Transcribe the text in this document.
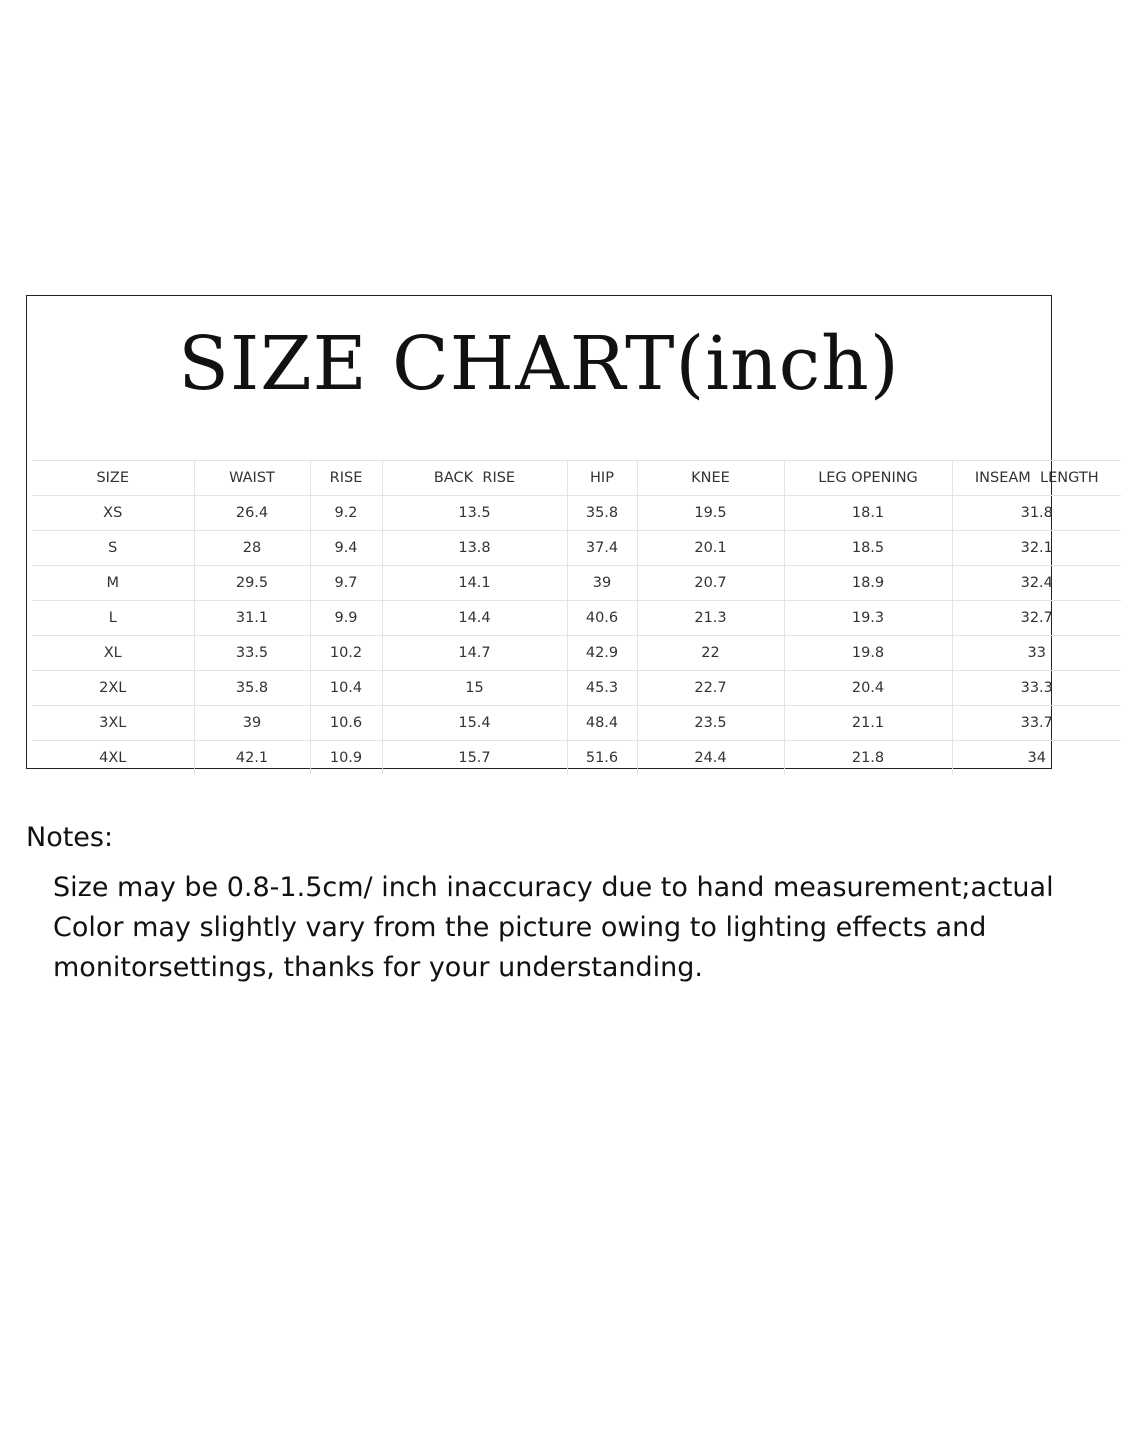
SIZE CHART(inch)
SIZE	WAIST	RISE	BACK  RISE	HIP	KNEE	LEG OPENING	INSEAM  LENGTH
XS	26.4	9.2	13.5	35.8	19.5	18.1	31.8
S	28	9.4	13.8	37.4	20.1	18.5	32.1
M	29.5	9.7	14.1	39	20.7	18.9	32.4
L	31.1	9.9	14.4	40.6	21.3	19.3	32.7
XL	33.5	10.2	14.7	42.9	22	19.8	33
2XL	35.8	10.4	15	45.3	22.7	20.4	33.3
3XL	39	10.6	15.4	48.4	23.5	21.1	33.7
4XL	42.1	10.9	15.7	51.6	24.4	21.8	34

Notes:

Size may be 0.8-1.5cm/ inch inaccuracy due to hand measurement;actual
Color may slightly vary from the picture owing to lighting effects and
monitorsettings, thanks for your understanding.
